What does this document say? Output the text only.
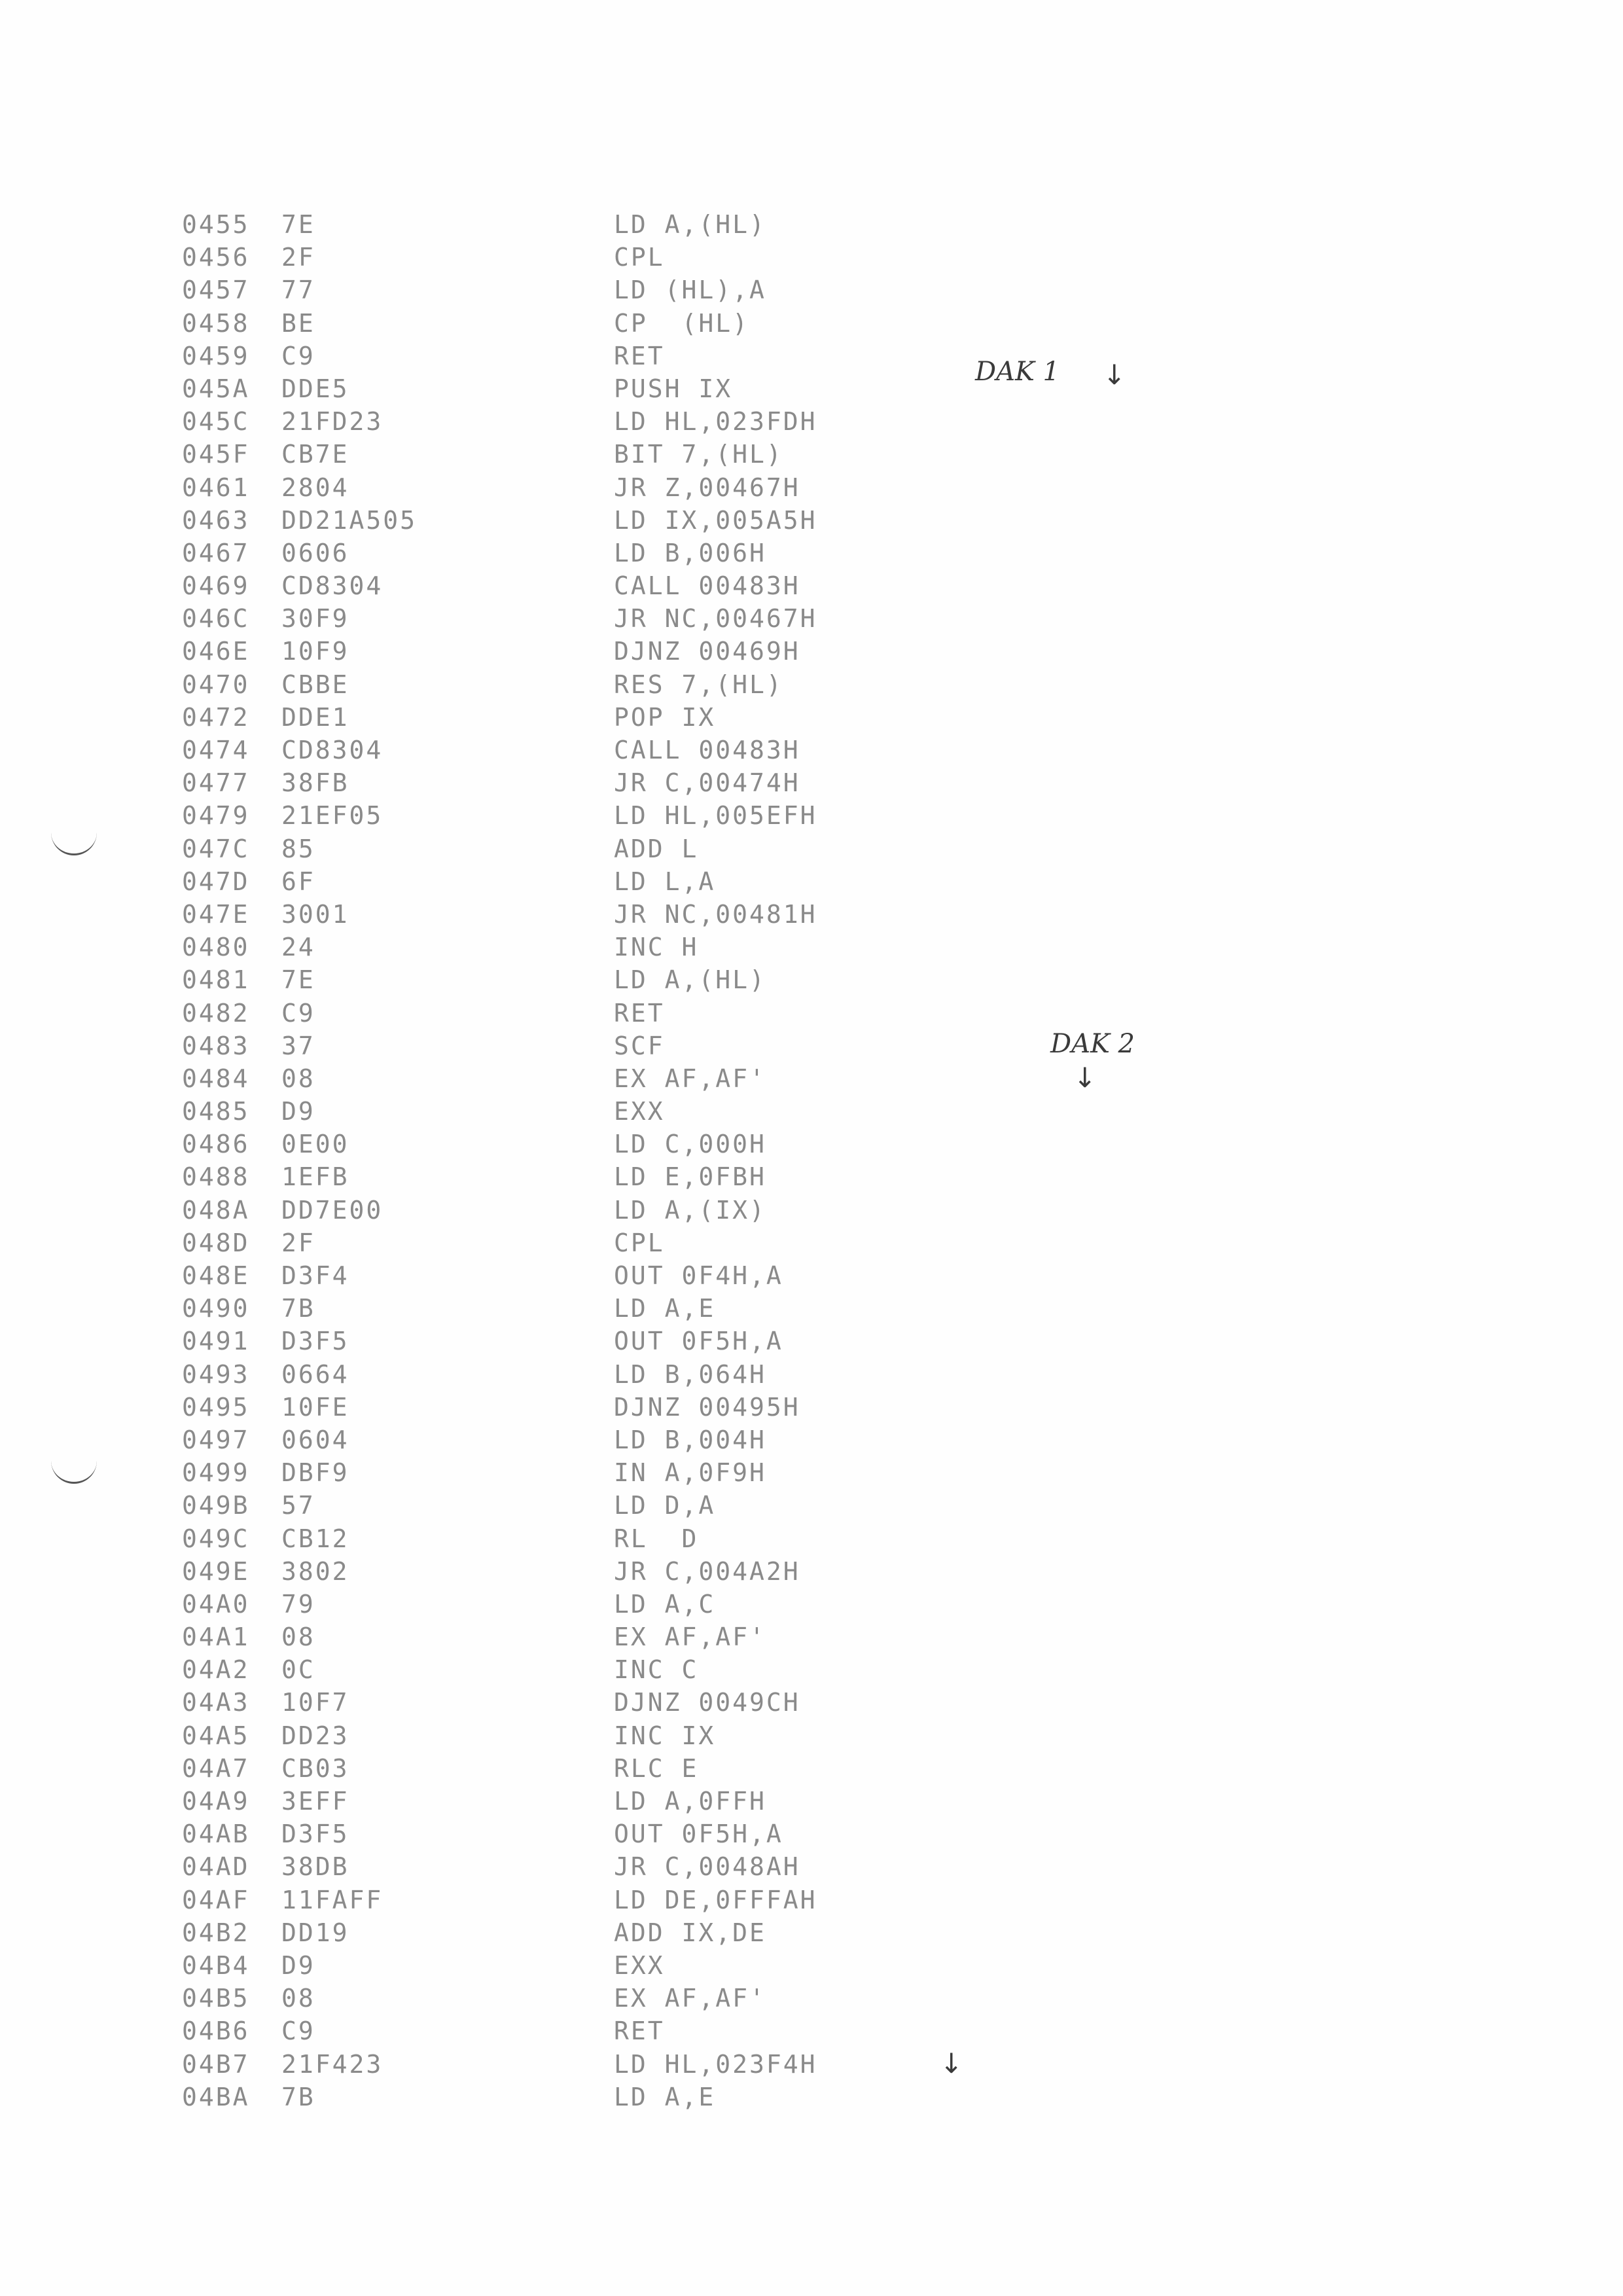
0455 7E	LD A,(HL)
0456 2F	CPL
0457 77	LD (HL),A
0458 BE	CP  (HL)
0459 C9	RET
045A DDE5	PUSH IX
045C 21FD23	LD HL,023FDH
045F CB7E	BIT 7,(HL)
0461 2804	JR Z,00467H
0463 DD21A505	LD IX,005A5H
0467 0606	LD B,006H
0469 CD8304	CALL 00483H
046C 30F9	JR NC,00467H
046E 10F9	DJNZ 00469H
0470 CBBE	RES 7,(HL)
0472 DDE1	POP IX
0474 CD8304	CALL 00483H
0477 38FB	JR C,00474H
0479 21EF05	LD HL,005EFH
047C 85	ADD L
047D 6F	LD L,A
047E 3001	JR NC,00481H
0480 24	INC H
0481 7E	LD A,(HL)
0482 C9	RET
0483 37	SCF
0484 08	EX AF,AF'
0485 D9	EXX
0486 0E00	LD C,000H
0488 1EFB	LD E,0FBH
048A DD7E00	LD A,(IX)
048D 2F	CPL
048E D3F4	OUT 0F4H,A
0490 7B	LD A,E
0491 D3F5	OUT 0F5H,A
0493 0664	LD B,064H
0495 10FE	DJNZ 00495H
0497 0604	LD B,004H
0499 DBF9	IN A,0F9H
049B 57	LD D,A
049C CB12	RL  D
049E 3802	JR C,004A2H
04A0 79	LD A,C
04A1 08	EX AF,AF'
04A2 0C	INC C
04A3 10F7	DJNZ 0049CH
04A5 DD23	INC IX
04A7 CB03	RLC E
04A9 3EFF	LD A,0FFH
04AB D3F5	OUT 0F5H,A
04AD 38DB	JR C,0048AH
04AF 11FAFF	LD DE,0FFFAH
04B2 DD19	ADD IX,DE
04B4 D9	EXX
04B5 08	EX AF,AF'
04B6 C9	RET
04B7 21F423	LD HL,023F4H
04BA 7B	LD A,E
DAK 1 ↓
DAK 2
↓
↓
